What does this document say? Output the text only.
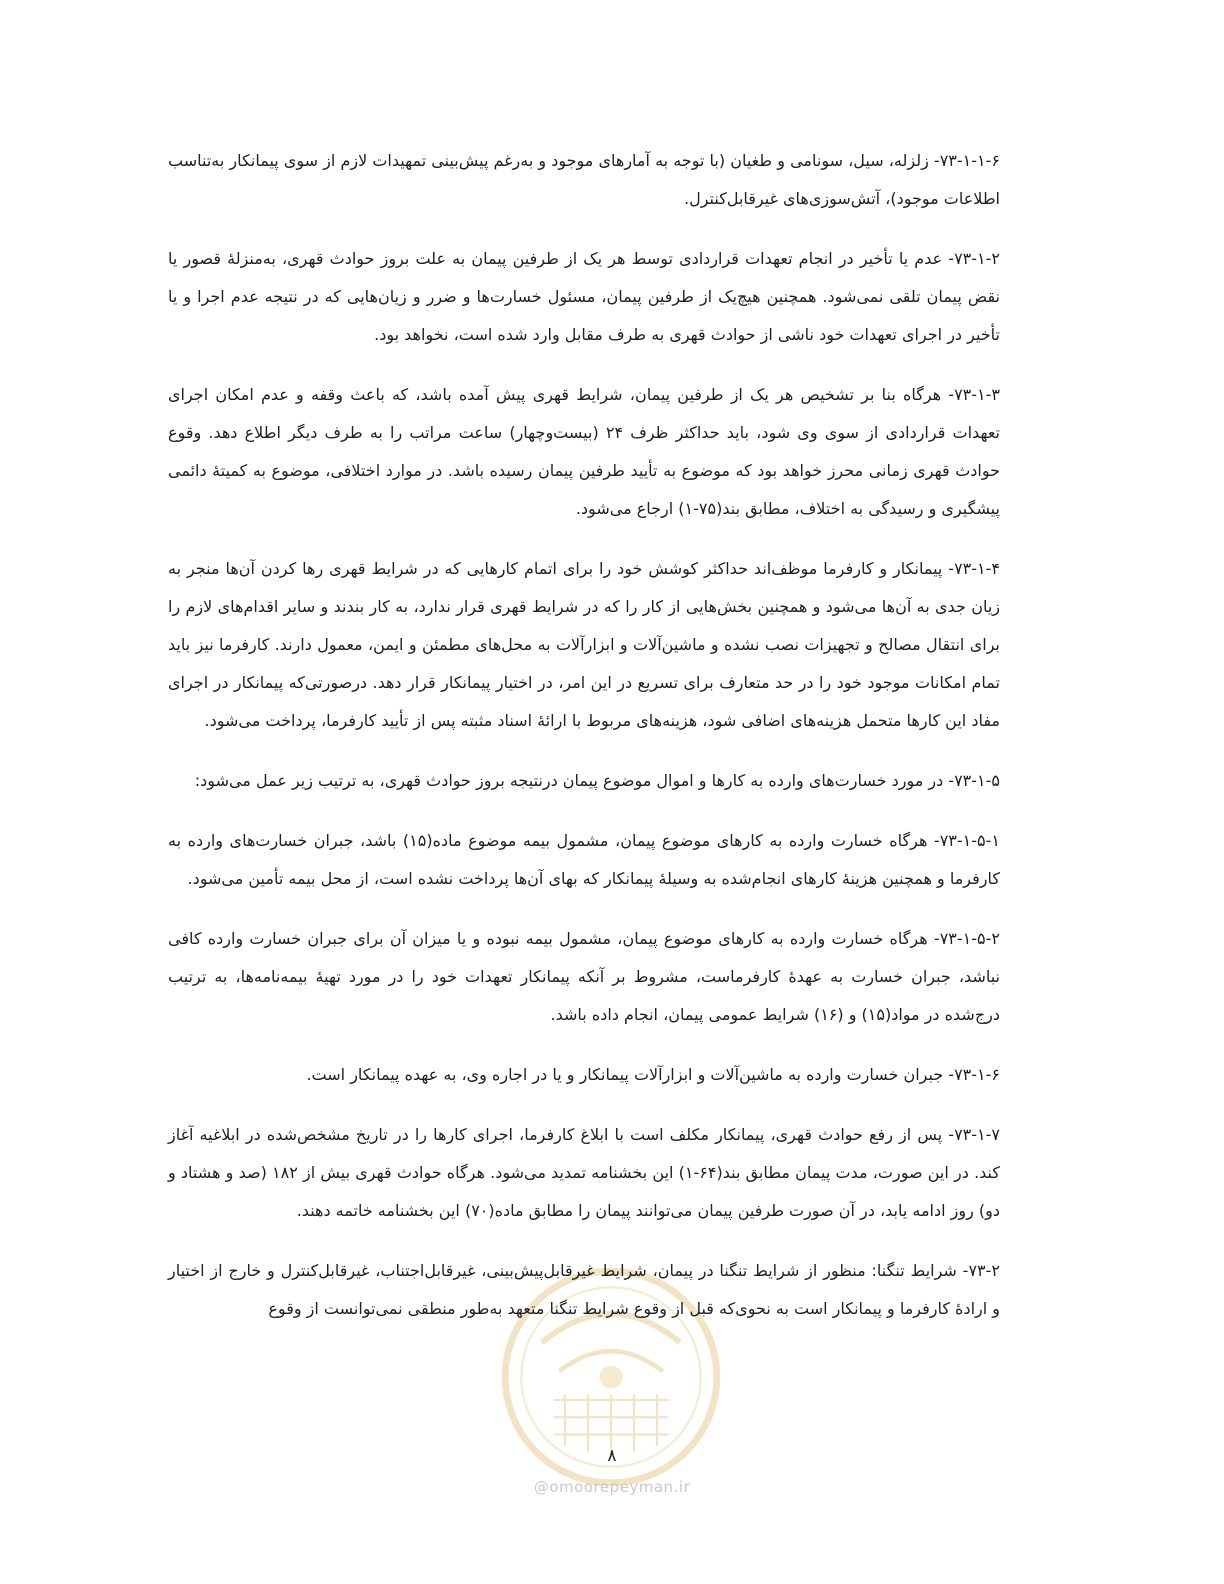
۷۳-۱-۱-۶- زلزله، سیل، سونامی و طغیان (با توجه به آمارهای موجود و به‌رغم پیش‌بینی تمهیدات لازم از سوی پیمانکار به‌تناسب اطلاعات موجود)، آتش‌سوزی‌های غیرقابل‌کنترل.

۷۳-۱-۲- عدم یا تأخیر در انجام تعهدات قراردادی توسط هر یک از طرفین پیمان به علت بروز حوادث قهری، به‌منزلهٔ قصور یا نقض پیمان تلقی نمی‌شود. همچنین هیچ‌یک از طرفین پیمان، مسئول خسارت‌ها و ضرر و زیان‌هایی که در نتیجه عدم اجرا و یا تأخیر در اجرای تعهدات خود ناشی از حوادث قهری به طرف مقابل وارد شده است، نخواهد بود.

۷۳-۱-۳- هرگاه بنا بر تشخیص هر یک از طرفین پیمان، شرایط قهری پیش آمده باشد، که باعث وقفه و عدم امکان اجرای تعهدات قراردادی از سوی وی شود، باید حداکثر ظرف ۲۴ (بیست‌وچهار) ساعت مراتب را به طرف دیگر اطلاع دهد. وقوع حوادث قهری زمانی محرز خواهد بود که موضوع به تأیید طرفین پیمان رسیده باشد. در موارد اختلافی، موضوع به کمیتهٔ دائمی پیشگیری و رسیدگی به اختلاف، مطابق بند(۷۵-۱) ارجاع می‌شود.

۷۳-۱-۴- پیمانکار و کارفرما موظف‌اند حداکثر کوشش خود را برای اتمام کارهایی که در شرایط قهری رها کردن آن‌ها منجر به زیان جدی به آن‌ها می‌شود و همچنین بخش‌هایی از کار را که در شرایط قهری قرار ندارد، به کار بندند و سایر اقدام‌های لازم را برای انتقال مصالح و تجهیزات نصب نشده و ماشین‌آلات و ابزارآلات به محل‌های مطمئن و ایمن، معمول دارند. کارفرما نیز باید تمام امکانات موجود خود را در حد متعارف برای تسریع در این امر، در اختیار پیمانکار قرار دهد. درصورتی‌که پیمانکار در اجرای مفاد این کارها متحمل هزینه‌های اضافی شود، هزینه‌های مربوط با ارائهٔ اسناد مثبته پس از تأیید کارفرما، پرداخت می‌شود.

۷۳-۱-۵- در مورد خسارت‌های وارده به کارها و اموال موضوع پیمان درنتیجه بروز حوادث قهری، به ترتیب زیر عمل می‌شود:

۷۳-۱-۵-۱- هرگاه خسارت وارده به کارهای موضوع پیمان، مشمول بیمه موضوع ماده(۱۵) باشد، جبران خسارت‌های وارده به کارفرما و همچنین هزینهٔ کارهای انجام‌شده به وسیلهٔ پیمانکار که بهای آن‌ها پرداخت نشده است، از محل بیمه تأمین می‌شود.

۷۳-۱-۵-۲- هرگاه خسارت وارده به کارهای موضوع پیمان، مشمول بیمه نبوده و یا میزان آن برای جبران خسارت وارده کافی نباشد، جبران خسارت به عهدهٔ کارفرماست، مشروط بر آنکه پیمانکار تعهدات خود را در مورد تهیهٔ بیمه‌نامه‌ها، به ترتیب درج‌شده در مواد(۱۵) و (۱۶) شرایط عمومی پیمان، انجام داده باشد.

۷۳-۱-۶- جبران خسارت وارده به ماشین‌آلات و ابزارآلات پیمانکار و یا در اجاره وی، به عهده پیمانکار است.

۷۳-۱-۷- پس از رفع حوادث قهری، پیمانکار مکلف است با ابلاغ کارفرما، اجرای کارها را در تاریخ مشخص‌شده در ابلاغیه آغاز کند. در این صورت، مدت پیمان مطابق بند(۶۴-۱) این بخشنامه تمدید می‌شود. هرگاه حوادث قهری بیش از ۱۸۲ (صد و هشتاد و دو) روز ادامه یابد، در آن صورت طرفین پیمان می‌توانند پیمان را مطابق ماده(۷۰) این بخشنامه خاتمه دهند.

۷۳-۲- شرایط تنگنا: منظور از شرایط تنگنا در پیمان، شرایط غیرقابل‌پیش‌بینی، غیرقابل‌اجتناب، غیرقابل‌کنترل و خارج از اختیار و ارادهٔ کارفرما و پیمانکار است به نحوی‌که قبل از وقوع شرایط تنگنا متعهد به‌طور منطقی نمی‌توانست از وقوع

۸
@omoorepeyman.ir
